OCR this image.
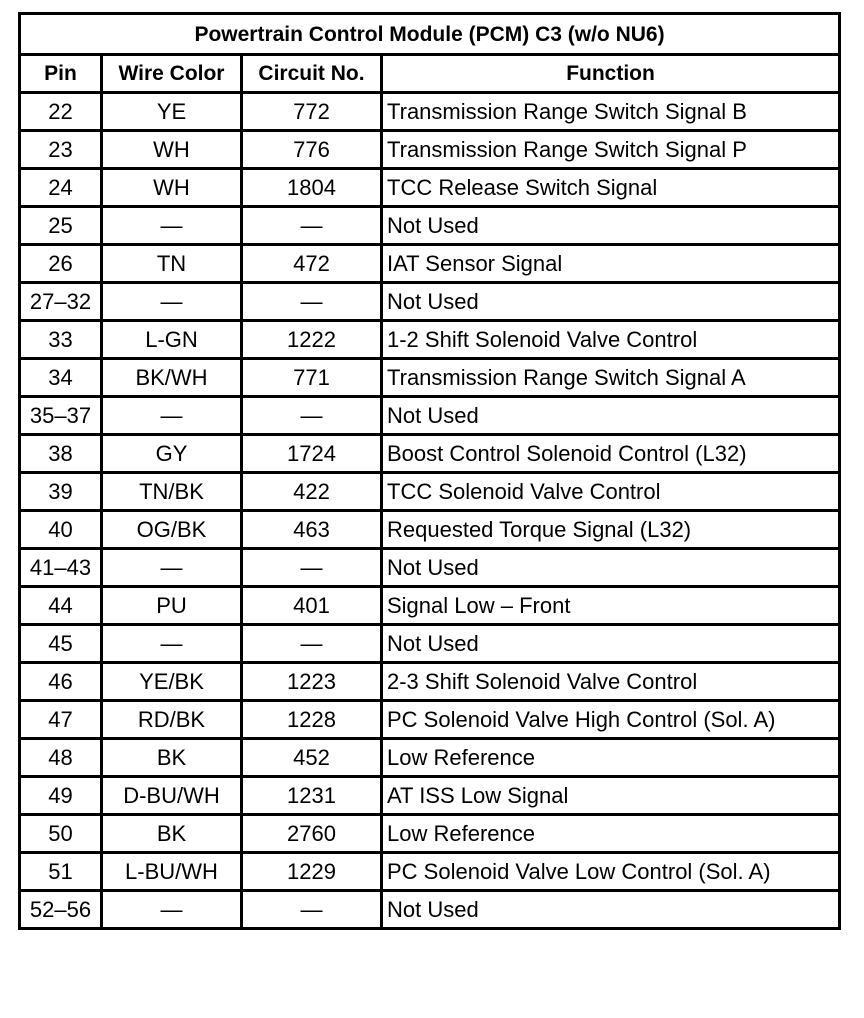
Powertrain Control Module (PCM) C3 (w/o NU6)			
Pin	Wire Color	Circuit No.	Function
22	YE	772	Transmission Range Switch Signal B
23	WH	776	Transmission Range Switch Signal P
24	WH	1804	TCC Release Switch Signal
25	—	—	Not Used
26	TN	472	IAT Sensor Signal
27–32	—	—	Not Used
33	L-GN	1222	1-2 Shift Solenoid Valve Control
34	BK/WH	771	Transmission Range Switch Signal A
35–37	—	—	Not Used
38	GY	1724	Boost Control Solenoid Control (L32)
39	TN/BK	422	TCC Solenoid Valve Control
40	OG/BK	463	Requested Torque Signal (L32)
41–43	—	—	Not Used
44	PU	401	Signal Low – Front
45	—	—	Not Used
46	YE/BK	1223	2-3 Shift Solenoid Valve Control
47	RD/BK	1228	PC Solenoid Valve High Control (Sol. A)
48	BK	452	Low Reference
49	D-BU/WH	1231	AT ISS Low Signal
50	BK	2760	Low Reference
51	L-BU/WH	1229	PC Solenoid Valve Low Control (Sol. A)
52–56	—	—	Not Used
